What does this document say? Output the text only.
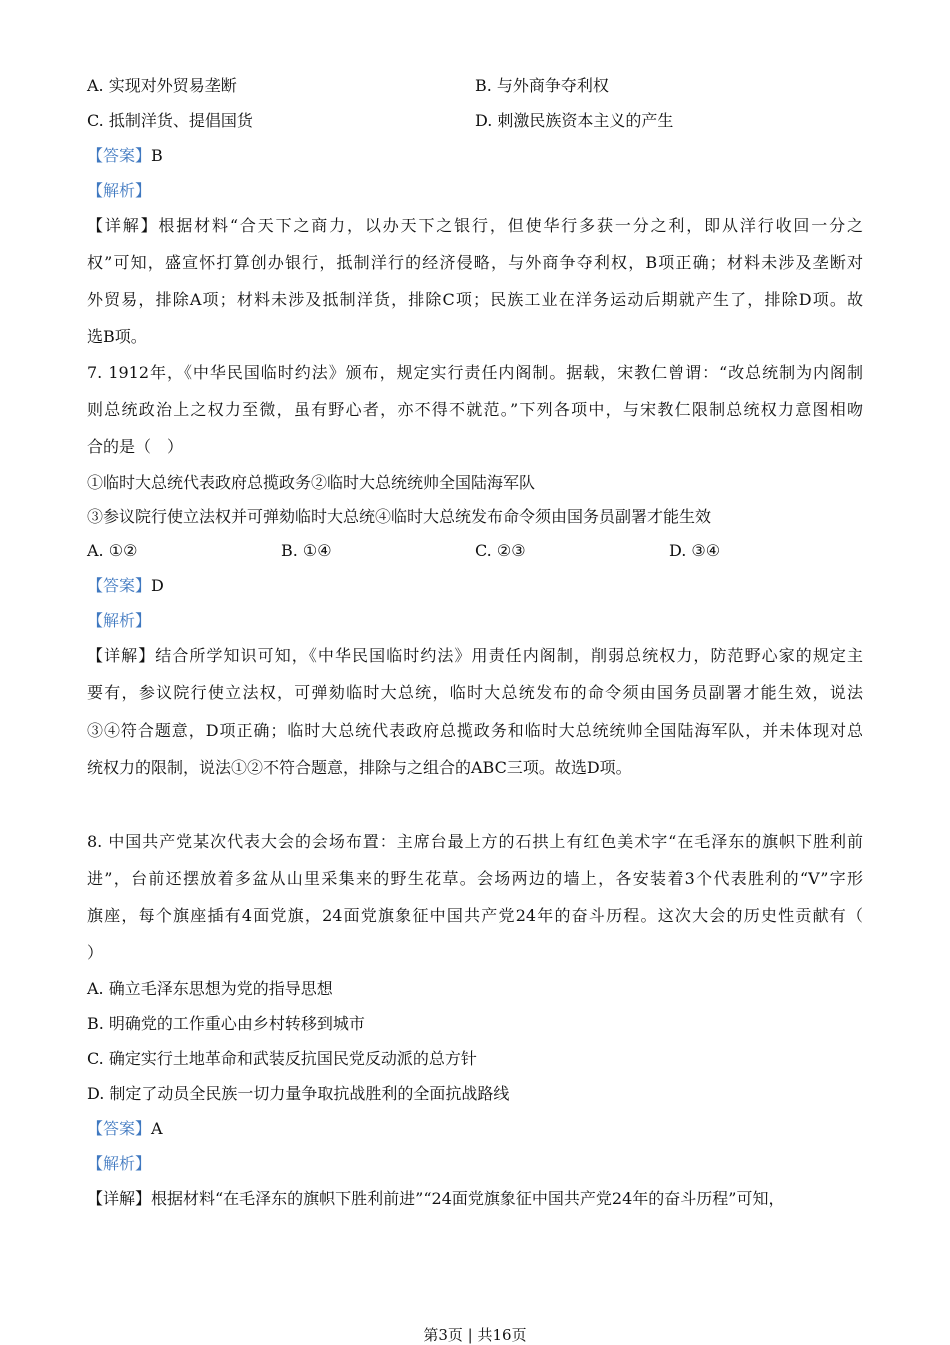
A. 实现对外贸易垄断	B. 与外商争夺利权
C. 抵制洋货、提倡国货	D. 刺激民族资本主义的产生
【答案】B
【解析】
【详解】根据材料“合天下之商力，以办天下之银行，但使华行多获一分之利，即从洋行收回一分之
权”可知，盛宣怀打算创办银行，抵制洋行的经济侵略，与外商争夺利权，B项正确；材料未涉及垄断对
外贸易，排除A项；材料未涉及抵制洋货，排除C项；民族工业在洋务运动后期就产生了，排除D项。故
选B项。
7. 1912年，《中华民国临时约法》颁布，规定实行责任内阁制。据载，宋教仁曾谓：“改总统制为内阁制
则总统政治上之权力至微，虽有野心者，亦不得不就范。”下列各项中，与宋教仁限制总统权力意图相吻
合的是（　）
①临时大总统代表政府总揽政务②临时大总统统帅全国陆海军队
③参议院行使立法权并可弹劾临时大总统④临时大总统发布命令须由国务员副署才能生效
A. ①②	B. ①④	C. ②③	D. ③④
【答案】D
【解析】
【详解】结合所学知识可知，《中华民国临时约法》用责任内阁制，削弱总统权力，防范野心家的规定主
要有，参议院行使立法权，可弹劾临时大总统，临时大总统发布的命令须由国务员副署才能生效，说法
③④符合题意，D项正确；临时大总统代表政府总揽政务和临时大总统统帅全国陆海军队，并未体现对总
统权力的限制，说法①②不符合题意，排除与之组合的ABC三项。故选D项。
8. 中国共产党某次代表大会的会场布置：主席台最上方的石拱上有红色美术字“在毛泽东的旗帜下胜利前
进”，台前还摆放着多盆从山里采集来的野生花草。会场两边的墙上，各安装着3个代表胜利的“V”字形
旗座，每个旗座插有4面党旗，24面党旗象征中国共产党24年的奋斗历程。这次大会的历史性贡献有（
）
A. 确立毛泽东思想为党的指导思想
B. 明确党的工作重心由乡村转移到城市
C. 确定实行土地革命和武装反抗国民党反动派的总方针
D. 制定了动员全民族一切力量争取抗战胜利的全面抗战路线
【答案】A
【解析】
【详解】根据材料“在毛泽东的旗帜下胜利前进”“24面党旗象征中国共产党24年的奋斗历程”可知，
第3页 | 共16页
